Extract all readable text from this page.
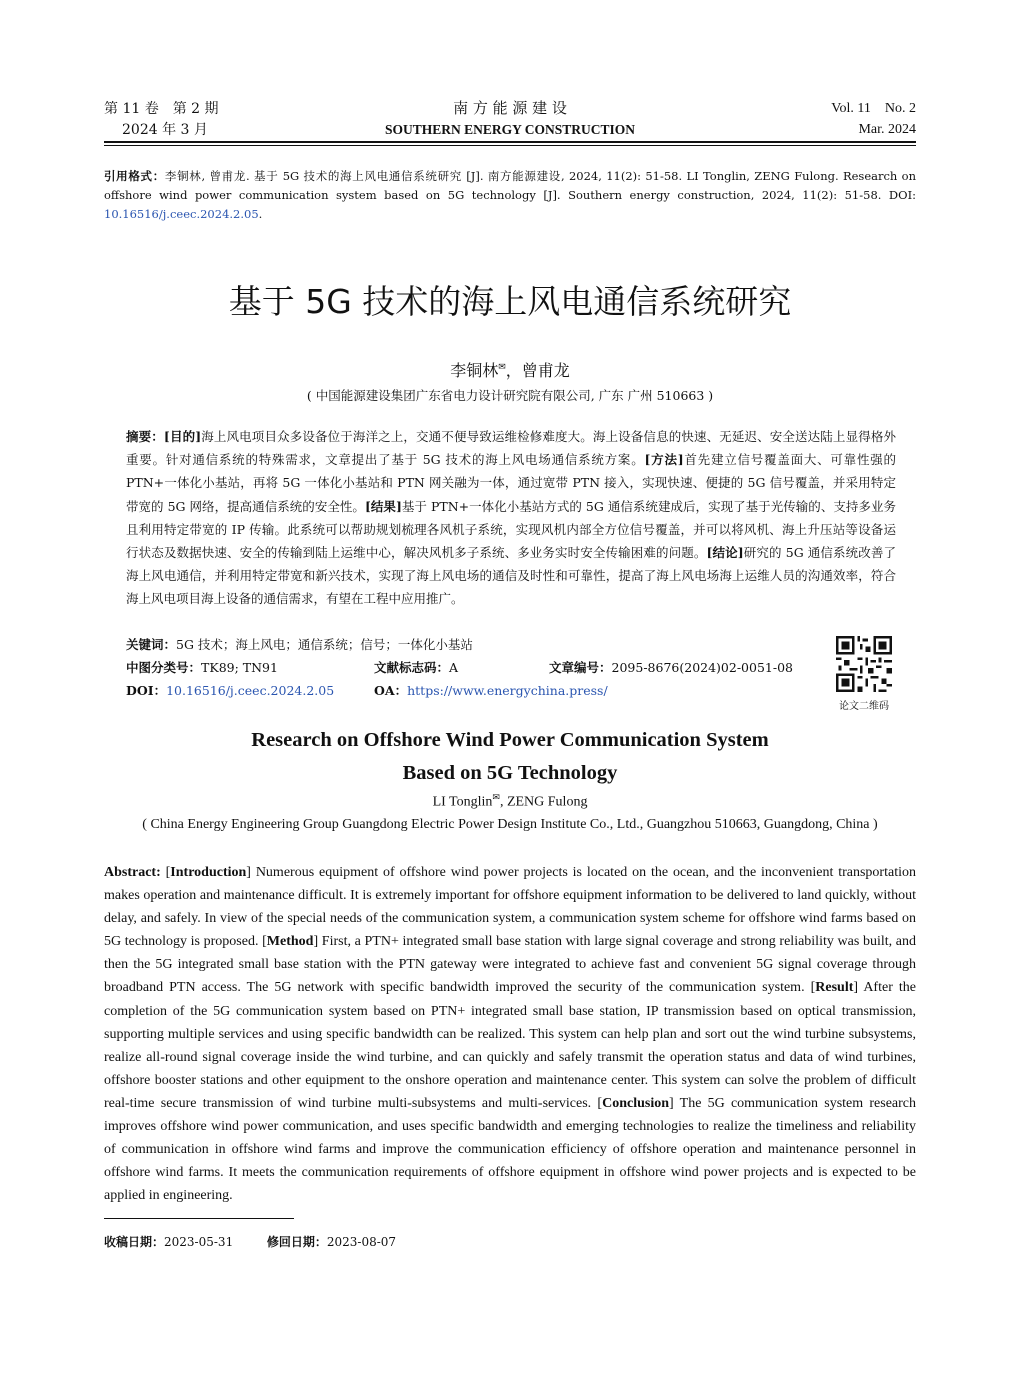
第 11 卷　第 2 期
2024 年 3 月
南 方 能 源 建 设
SOUTHERN ENERGY CONSTRUCTION
Vol. 11　No. 2
Mar. 2024
引用格式：李铜林, 曾甫龙. 基于 5G 技术的海上风电通信系统研究 [J]. 南方能源建设, 2024, 11(2): 51-58. LI Tonglin, ZENG Fulong. Research on offshore wind power communication system based on 5G technology [J]. Southern energy construction, 2024, 11(2): 51-58. DOI: 10.16516/j.ceec.2024.2.05.
基于 5G 技术的海上风电通信系统研究
李铜林✉，曾甫龙
( 中国能源建设集团广东省电力设计研究院有限公司, 广东 广州 510663 )
摘要：[目的]海上风电项目众多设备位于海洋之上，交通不便导致运维检修难度大。海上设备信息的快速、无延迟、安全送达陆上显得格外重要。针对通信系统的特殊需求，文章提出了基于 5G 技术的海上风电场通信系统方案。[方法]首先建立信号覆盖面大、可靠性强的 PTN+一体化小基站，再将 5G 一体化小基站和 PTN 网关融为一体，通过宽带 PTN 接入，实现快速、便捷的 5G 信号覆盖，并采用特定带宽的 5G 网络，提高通信系统的安全性。[结果]基于 PTN+一体化小基站方式的 5G 通信系统建成后，实现了基于光传输的、支持多业务且利用特定带宽的 IP 传输。此系统可以帮助规划梳理各风机子系统，实现风机内部全方位信号覆盖，并可以将风机、海上升压站等设备运行状态及数据快速、安全的传输到陆上运维中心，解决风机多子系统、多业务实时安全传输困难的问题。[结论]研究的 5G 通信系统改善了海上风电通信，并利用特定带宽和新兴技术，实现了海上风电场的通信及时性和可靠性，提高了海上风电场海上运维人员的沟通效率，符合海上风电项目海上设备的通信需求，有望在工程中应用推广。
关键词：5G 技术；海上风电；通信系统；信号；一体化小基站
中图分类号：TK89; TN91	文献标志码：A	文章编号：2095-8676(2024)02-0051-08
DOI：10.16516/j.ceec.2024.2.05	OA：https://www.energychina.press/
论文二维码
Research on Offshore Wind Power Communication System
Based on 5G Technology
LI Tonglin✉, ZENG Fulong
( China Energy Engineering Group Guangdong Electric Power Design Institute Co., Ltd., Guangzhou 510663, Guangdong, China )
Abstract: [Introduction] Numerous equipment of offshore wind power projects is located on the ocean, and the inconvenient transportation makes operation and maintenance difficult. It is extremely important for offshore equipment information to be delivered to land quickly, without delay, and safely. In view of the special needs of the communication system, a communication system scheme for offshore wind farms based on 5G technology is proposed. [Method] First, a PTN+ integrated small base station with large signal coverage and strong reliability was built, and then the 5G integrated small base station with the PTN gateway were integrated to achieve fast and convenient 5G signal coverage through broadband PTN access. The 5G network with specific bandwidth improved the security of the communication system. [Result] After the completion of the 5G communication system based on PTN+ integrated small base station, IP transmission based on optical transmission, supporting multiple services and using specific bandwidth can be realized. This system can help plan and sort out the wind turbine subsystems, realize all-round signal coverage inside the wind turbine, and can quickly and safely transmit the operation status and data of wind turbines, offshore booster stations and other equipment to the onshore operation and maintenance center. This system can solve the problem of difficult real-time secure transmission of wind turbine multi-subsystems and multi-services. [Conclusion] The 5G communication system research improves offshore wind power communication, and uses specific bandwidth and emerging technologies to realize the timeliness and reliability of communication in offshore wind farms and improve the communication efficiency of offshore operation and maintenance personnel in offshore wind farms. It meets the communication requirements of offshore equipment in offshore wind power projects and is expected to be applied in engineering.
收稿日期：2023-05-31	修回日期：2023-08-07
